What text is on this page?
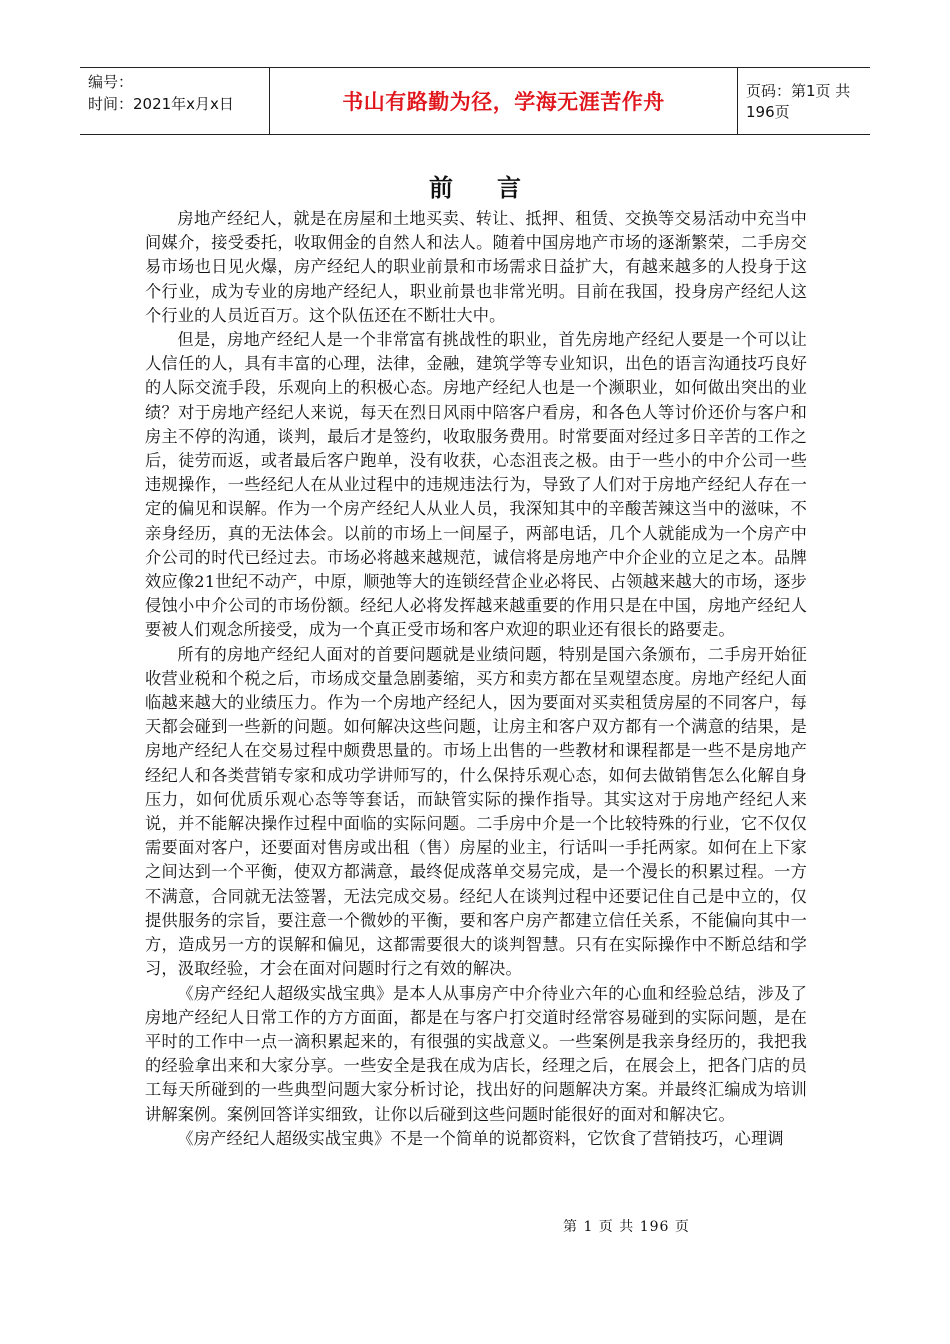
编号：
时间：2021年x月x日	书山有路勤为径，学海无涯苦作舟	页码：第1页 共196页
前言

房地产经纪人，就是在房屋和土地买卖、转让、抵押、租赁、交换等交易活动中充当中间媒介，接受委托，收取佣金的自然人和法人。随着中国房地产市场的逐渐繁荣，二手房交易市场也日见火爆，房产经纪人的职业前景和市场需求日益扩大，有越来越多的人投身于这个行业，成为专业的房地产经纪人，职业前景也非常光明。目前在我国，投身房产经纪人这个行业的人员近百万。这个队伍还在不断壮大中。

但是，房地产经纪人是一个非常富有挑战性的职业，首先房地产经纪人要是一个可以让人信任的人，具有丰富的心理，法律，金融，建筑学等专业知识，出色的语言沟通技巧良好的人际交流手段，乐观向上的积极心态。房地产经纪人也是一个濒职业，如何做出突出的业绩？对于房地产经纪人来说，每天在烈日风雨中陪客户看房，和各色人等讨价还价与客户和房主不停的沟通，谈判，最后才是签约，收取服务费用。时常要面对经过多日辛苦的工作之后，徒劳而返，或者最后客户跑单，没有收获，心态沮丧之极。由于一些小的中介公司一些违规操作，一些经纪人在从业过程中的违规违法行为，导致了人们对于房地产经纪人存在一定的偏见和误解。作为一个房产经纪人从业人员，我深知其中的辛酸苦辣这当中的滋味，不亲身经历，真的无法体会。以前的市场上一间屋子，两部电话，几个人就能成为一个房产中介公司的时代已经过去。市场必将越来越规范，诚信将是房地产中介企业的立足之本。品牌效应像21世纪不动产，中原，顺弛等大的连锁经营企业必将民、占领越来越大的市场，逐步侵蚀小中介公司的市场份额。经纪人必将发挥越来越重要的作用只是在中国，房地产经纪人要被人们观念所接受，成为一个真正受市场和客户欢迎的职业还有很长的路要走。

所有的房地产经纪人面对的首要问题就是业绩问题，特别是国六条颁布，二手房开始征收营业税和个税之后，市场成交量急剧萎缩，买方和卖方都在呈观望态度。房地产经纪人面临越来越大的业绩压力。作为一个房地产经纪人，因为要面对买卖租赁房屋的不同客户，每天都会碰到一些新的问题。如何解决这些问题，让房主和客户双方都有一个满意的结果，是房地产经纪人在交易过程中颇费思量的。市场上出售的一些教材和课程都是一些不是房地产经纪人和各类营销专家和成功学讲师写的，什么保持乐观心态，如何去做销售怎么化解自身压力，如何优质乐观心态等等套话，而缺管实际的操作指导。其实这对于房地产经纪人来说，并不能解决操作过程中面临的实际问题。二手房中介是一个比较特殊的行业，它不仅仅需要面对客户，还要面对售房或出租（售）房屋的业主，行话叫一手托两家。如何在上下家之间达到一个平衡，使双方都满意，最终促成落单交易完成，是一个漫长的积累过程。一方不满意，合同就无法签署，无法完成交易。经纪人在谈判过程中还要记住自己是中立的，仅提供服务的宗旨，要注意一个微妙的平衡，要和客户房产都建立信任关系，不能偏向其中一方，造成另一方的误解和偏见，这都需要很大的谈判智慧。只有在实际操作中不断总结和学习，汲取经验，才会在面对问题时行之有效的解决。

《房产经纪人超级实战宝典》是本人从事房产中介待业六年的心血和经验总结，涉及了房地产经纪人日常工作的方方面面，都是在与客户打交道时经常容易碰到的实际问题，是在平时的工作中一点一滴积累起来的，有很强的实战意义。一些案例是我亲身经历的，我把我的经验拿出来和大家分享。一些安全是我在成为店长，经理之后，在展会上，把各门店的员工每天所碰到的一些典型问题大家分析讨论，找出好的问题解决方案。并最终汇编成为培训讲解案例。案例回答详实细致，让你以后碰到这些问题时能很好的面对和解决它。

《房产经纪人超级实战宝典》不是一个简单的说都资料，它饮食了营销技巧，心理调

第 1 页 共 196 页
